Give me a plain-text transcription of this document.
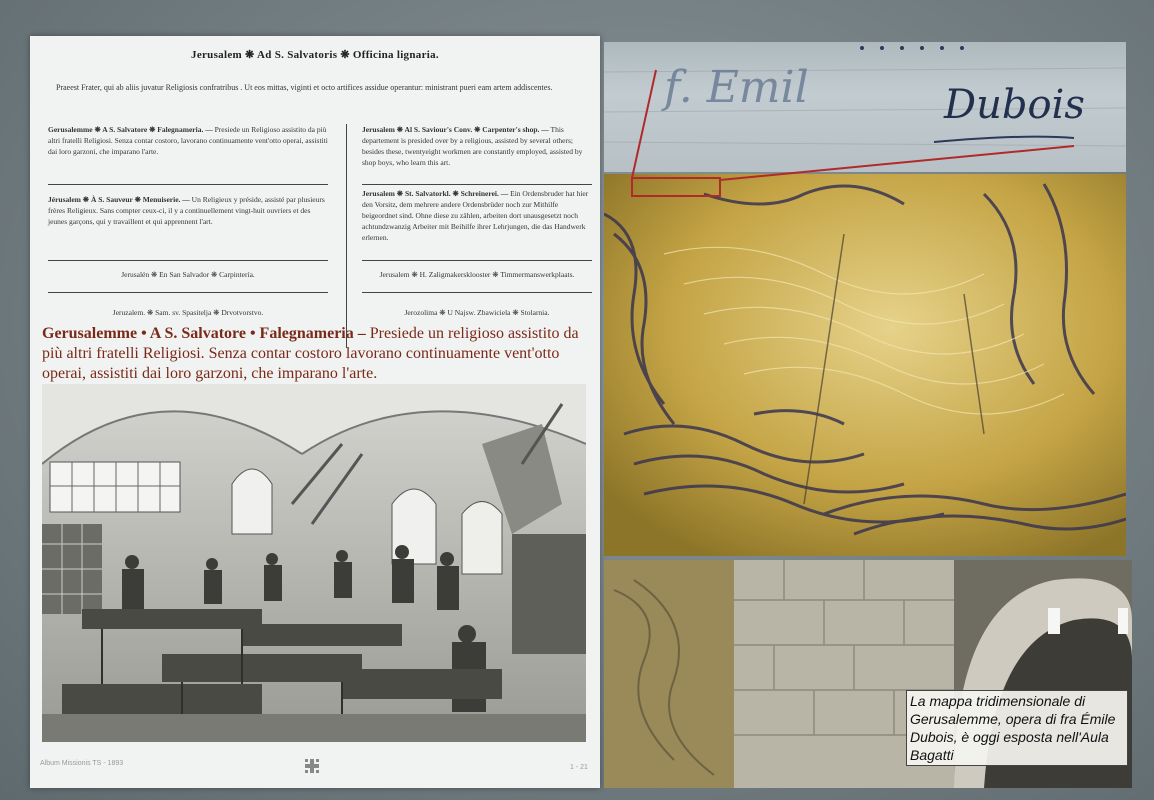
Jerusalem ❋ Ad S. Salvatoris ❋ Officina lignaria.
Praeest Frater, qui ab aliis juvatur Religiosis confratribus . Ut eos mittas, viginti et octo artifices assidue operantur: ministrant pueri eam artem addiscentes.
Gerusalemme ❋ A S. Salvatore ❋ Falegnameria. — Presiede un Religioso assistito da più altri fratelli Religiosi. Senza contar costoro, lavorano continuamente vent'otto operai, assistiti dai loro garzoni, che imparano l'arte.
Jerusalem ❋ Al S. Saviour's Conv. ❋ Carpenter's shop. — This departement is presided over by a religious, assisted by several others; besides these, twentyeight workmen are constantly employed, assisted by shop boys, who learn this art.
Jérusalem ❋ À S. Sauveur ❋ Menuiserie. — Un Religieux y préside, assisté par plusieurs frères Religieux. Sans compter ceux-ci, il y a continuellement vingt-huit ouvriers et des jeunes garçons, qui y travaillent et qui apprennent l'art.
Jerusalem ❋ St. Salvatorkl. ❋ Schreinerei. — Ein Ordensbruder hat hier den Vorsitz, dem mehrere andere Ordensbrüder noch zur Mithilfe beigeordnet sind. Ohne diese zu zählen, arbeiten dort unausgesetzt noch achtundzwanzig Arbeiter mit Beihilfe ihrer Lehrjungen, die das Handwerk erlernen.
Jerusalén ❋ En San Salvador ❋ Carpintería.	Jerusalem ❋ H. Zaligmakersklooster ❋ Timmermanswerkplaats.
Jeruzalem. ❋ Sam. sv. Spasitelja ❋ Drvotvorstvo.	Jerozolima ❋ U Najsw. Zbawiciela ❋ Stolarnia.
Gerusalemme • A S. Salvatore • Falegnameria – Presiede un religioso assistito da più altri fratelli Religiosi. Senza contar costoro lavorano continuamente vent'otto operai, assistiti dai loro garzoni, che imparano l'arte.
Album Missionis TS - 1893
1 - 21
f. Emil	Dubois
La mappa tridimensionale di Gerusalemme, opera di fra Émile Dubois, è oggi esposta nell'Aula Bagatti
